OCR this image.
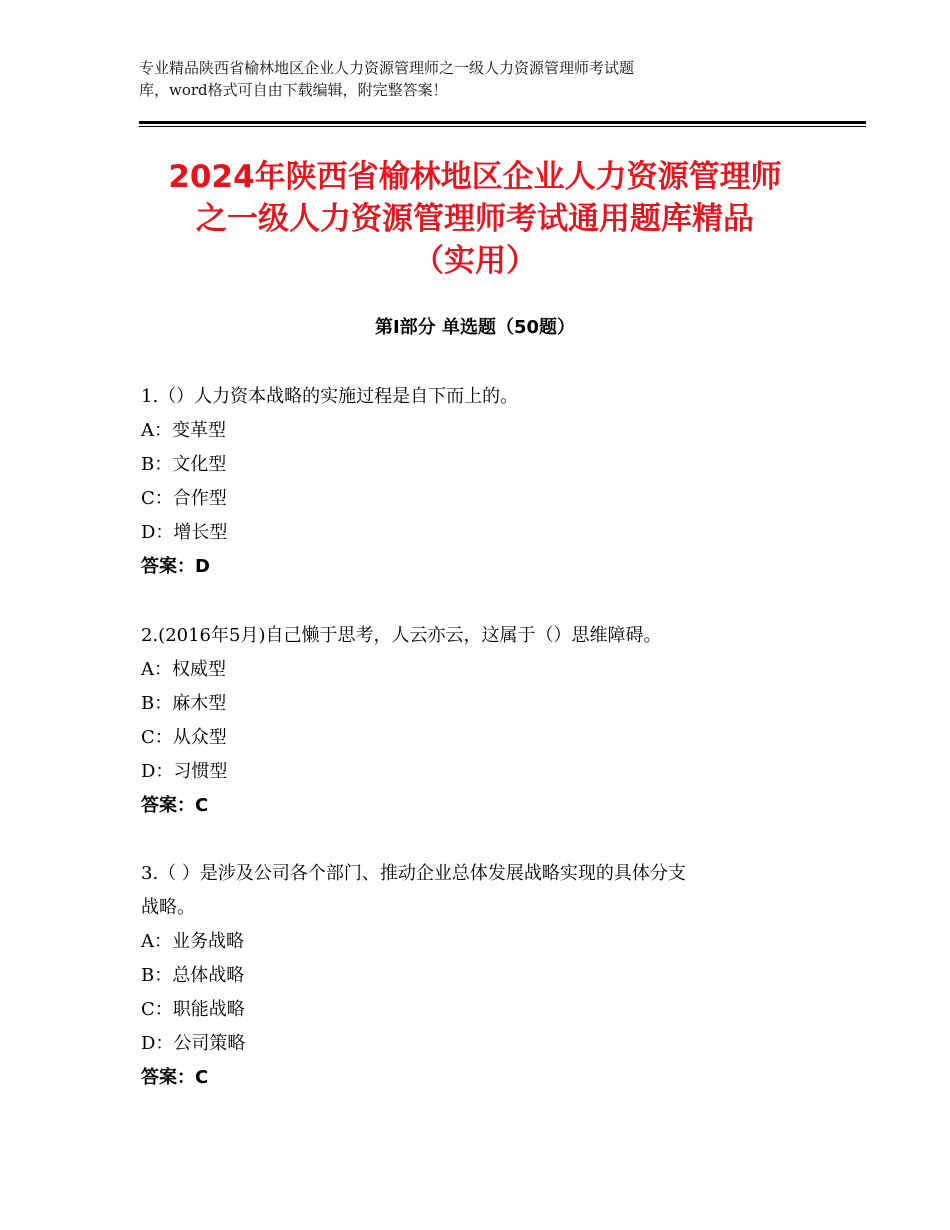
专业精品陕西省榆林地区企业人力资源管理师之一级人力资源管理师考试题
库，word格式可自由下载编辑，附完整答案！
2024年陕西省榆林地区企业人力资源管理师
之一级人力资源管理师考试通用题库精品
（实用）
第Ⅰ部分 单选题（50题）
1.（）人力资本战略的实施过程是自下而上的。
A：变革型
B：文化型
C：合作型
D：增长型
答案：D
2.(2016年5月)自己懒于思考，人云亦云，这属于（）思维障碍。
A：权威型
B：麻木型
C：从众型
D：习惯型
答案：C
3.（ ）是涉及公司各个部门、推动企业总体发展战略实现的具体分支
战略。
A：业务战略
B：总体战略
C：职能战略
D：公司策略
答案：C
